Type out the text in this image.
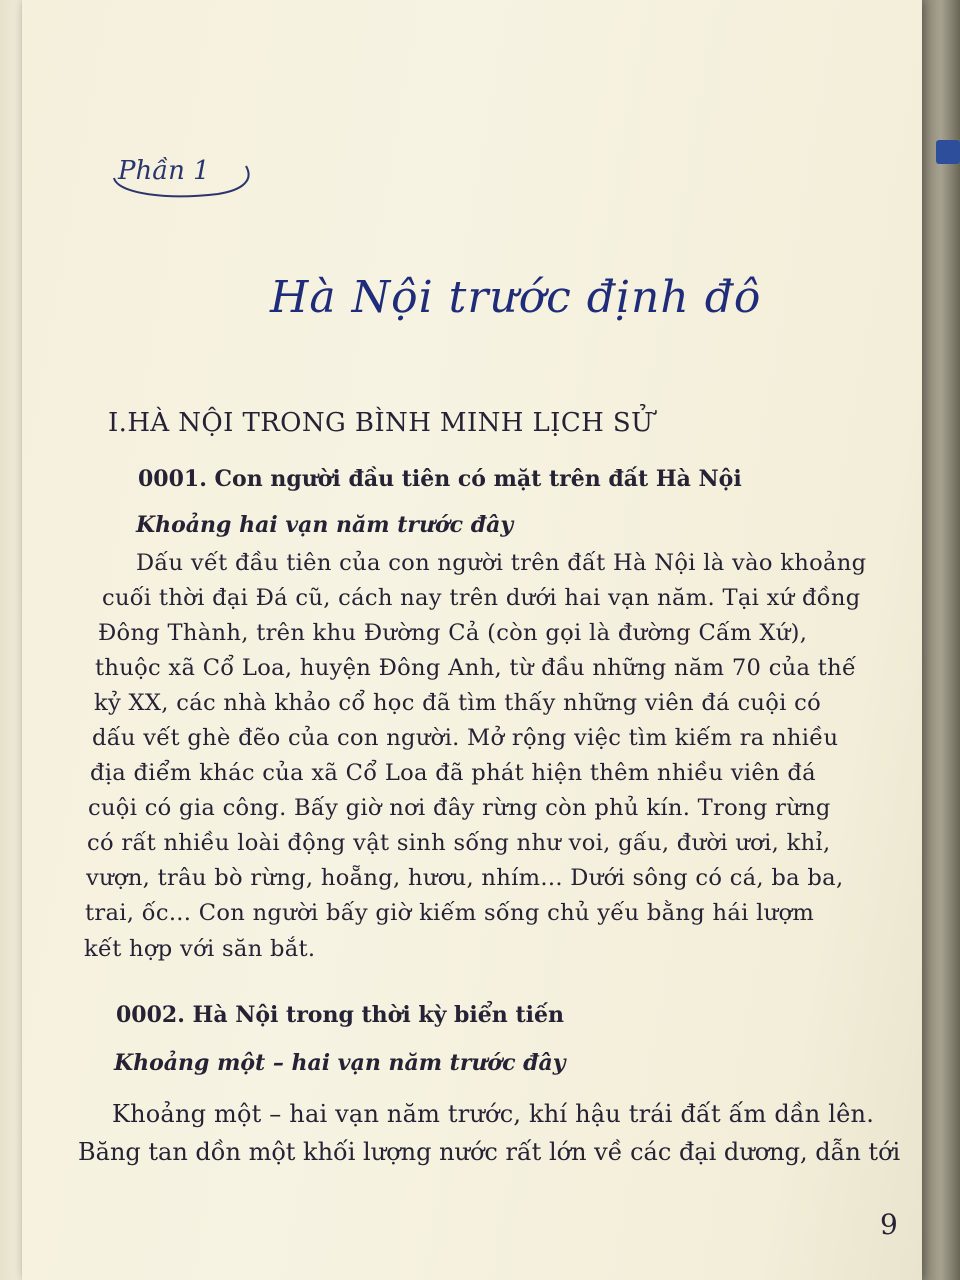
Phần 1
Hà Nội trước định đô
I.HÀ NỘI TRONG BÌNH MINH LỊCH SỬ
0001. Con người đầu tiên có mặt trên đất Hà Nội
Khoảng hai vạn năm trước đây
Dấu vết đầu tiên của con người trên đất Hà Nội là vào khoảng
cuối thời đại Đá cũ, cách nay trên dưới hai vạn năm. Tại xứ đồng
Đông Thành, trên khu Đường Cả (còn gọi là đường Cấm Xứ),
thuộc xã Cổ Loa, huyện Đông Anh, từ đầu những năm 70 của thế
kỷ XX, các nhà khảo cổ học đã tìm thấy những viên đá cuội có
dấu vết ghè đẽo của con người. Mở rộng việc tìm kiếm ra nhiều
địa điểm khác của xã Cổ Loa đã phát hiện thêm nhiều viên đá
cuội có gia công. Bấy giờ nơi đây rừng còn phủ kín. Trong rừng
có rất nhiều loài động vật sinh sống như voi, gấu, đười ươi, khỉ,
vượn, trâu bò rừng, hoẵng, hươu, nhím... Dưới sông có cá, ba ba,
trai, ốc... Con người bấy giờ kiếm sống chủ yếu bằng hái lượm
kết hợp với săn bắt.
0002. Hà Nội trong thời kỳ biển tiến
Khoảng một – hai vạn năm trước đây
Khoảng một – hai vạn năm trước, khí hậu trái đất ấm dần lên.
Băng tan dồn một khối lượng nước rất lớn về các đại dương, dẫn tới
9
